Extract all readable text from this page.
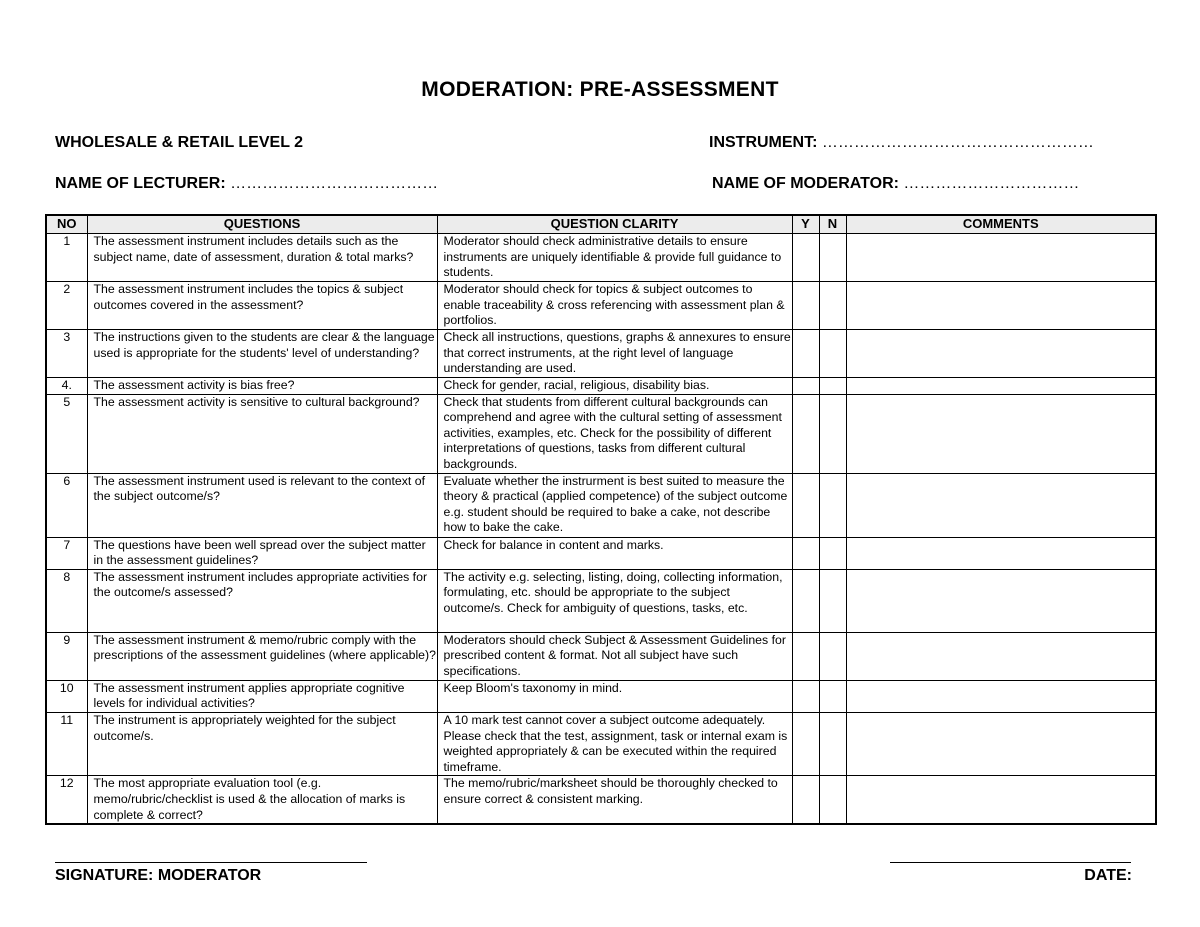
MODERATION: PRE-ASSESSMENT
WHOLESALE & RETAIL LEVEL 2	INSTRUMENT: ……………………………………………
NAME OF LECTURER: …………………………………	NAME OF MODERATOR: ……………………………
NO	QUESTIONS	QUESTION CLARITY	Y	N	COMMENTS
1	The assessment instrument includes details such as the subject name, date of assessment, duration & total marks?	Moderator should check administrative details to ensure instruments are uniquely identifiable & provide full guidance to students.			
2	The assessment instrument includes the topics & subject outcomes covered in the assessment?	Moderator should check for topics & subject outcomes to enable traceability & cross referencing with assessment plan & portfolios.			
3	The instructions given to the students are clear & the language used is appropriate for the students' level of understanding?	Check all instructions, questions, graphs & annexures to ensure that correct instruments, at the right level of language understanding are used.			
4.	The assessment activity is bias free?	Check for gender, racial, religious, disability bias.			
5	The assessment activity is sensitive to cultural background?	Check that students from different cultural backgrounds can comprehend and agree with the cultural setting of assessment activities, examples, etc. Check for the possibility of different interpretations of questions, tasks from different cultural backgrounds.			
6	The assessment instrument used is relevant to the context of the subject outcome/s?	Evaluate whether the instrurment is best suited to measure the theory & practical (applied competence) of the subject outcome e.g. student should be required to bake a cake, not describe how to bake the cake.			
7	The questions have been well spread over the subject matter in the assessment guidelines?	Check for balance in content and marks.			
8	The assessment instrument includes appropriate activities for the outcome/s assessed?	The activity e.g. selecting, listing, doing, collecting information, formulating, etc. should be appropriate to the subject outcome/s. Check for ambiguity of questions, tasks, etc.			
9	The assessment instrument & memo/rubric comply with the prescriptions of the assessment guidelines (where applicable)?	Moderators should check Subject & Assessment Guidelines for prescribed content & format. Not all subject have such specifications.			
10	The assessment instrument applies appropriate cognitive levels for individual activities?	Keep Bloom's taxonomy in mind.			
11	The instrument is appropriately weighted for the subject outcome/s.	A 10 mark test cannot cover a subject outcome adequately. Please check that the test, assignment, task or internal exam is weighted appropriately & can be executed within the required timeframe.			
12	The most appropriate evaluation tool (e.g. memo/rubric/checklist is used & the allocation of marks is complete & correct?	The memo/rubric/marksheet should be thoroughly checked to ensure correct & consistent marking.			
SIGNATURE: MODERATOR	DATE:
